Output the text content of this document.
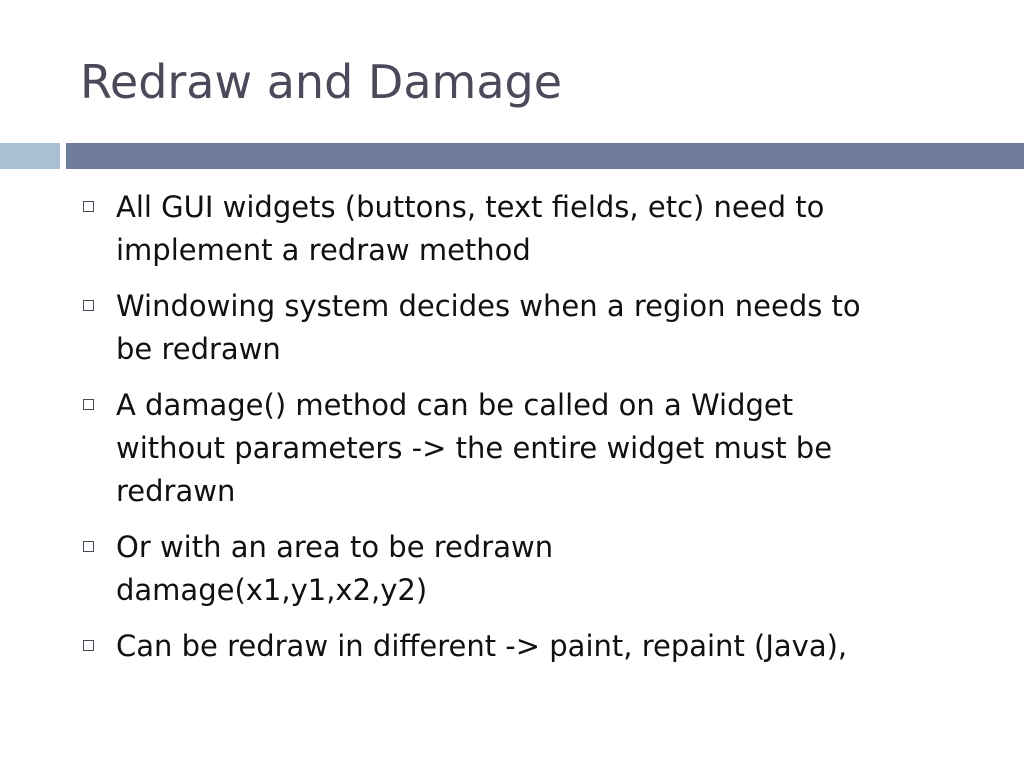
Redraw and Damage
All GUI widgets (buttons, text fields, etc) need to
implement a redraw method
Windowing system decides when a region needs to
be redrawn
A damage() method can be called on a Widget
without parameters -> the entire widget must be
redrawn
Or with an area to be redrawn
damage(x1,y1,x2,y2)
Can be redraw in different -> paint, repaint (Java),
